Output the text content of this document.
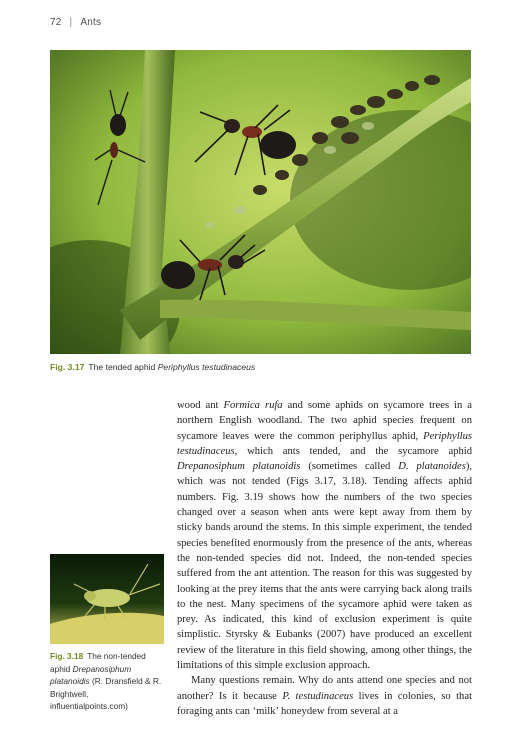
72 | Ants
Fig. 3.17 The tended aphid Periphyllus testudinaceus
Fig. 3.18 The non-tended aphid Drepanosiphum platanoidis (R. Dransfield & R. Brightwell, influentialpoints.com)

wood ant Formica rufa and some aphids on sycamore trees in a northern English woodland. The two aphid species frequent on sycamore leaves were the common periphyllus aphid, Periphyllus testudinaceus, which ants tended, and the sycamore aphid Drepanosiphum platanoidis (sometimes called D. platanoides), which was not tended (Figs 3.17, 3.18). Tending affects aphid numbers. Fig. 3.19 shows how the numbers of the two species changed over a season when ants were kept away from them by sticky bands around the stems. In this simple experiment, the tended species benefited enormously from the presence of the ants, whereas the non-tended species did not. Indeed, the non-tended species suffered from the ant attention. The reason for this was suggested by looking at the prey items that the ants were carrying back along trails to the nest. Many specimens of the sycamore aphid were taken as prey. As indicated, this kind of exclusion experiment is quite simplistic. Styrsky & Eubanks (2007) have produced an excellent review of the literature in this field showing, among other things, the limitations of this simple exclusion approach.

Many questions remain. Why do ants attend one species and not another? Is it because P. testudinaceus lives in colonies, so that foraging ants can ‘milk’ honeydew from several at a
